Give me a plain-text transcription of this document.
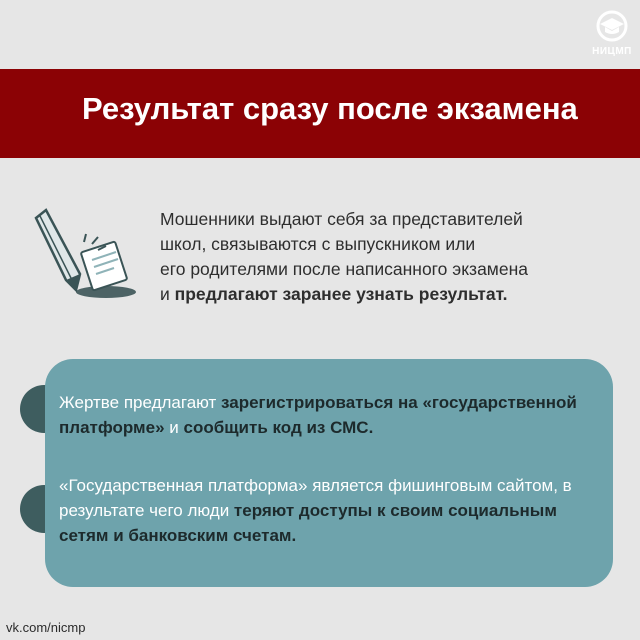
НИЦМП
Результат сразу после экзамена
Мошенники выдают себя за представителей
школ, связываются с выпускником или
его родителями после написанного экзамена
и предлагают заранее узнать результат.
Жертве предлагают зарегистрироваться на «государственной платформе» и сообщить код из СМС.
«Государственная платформа» является фишинговым сайтом, в результате чего люди теряют доступы к своим социальным сетям и банковским счетам.
vk.com/nicmp
